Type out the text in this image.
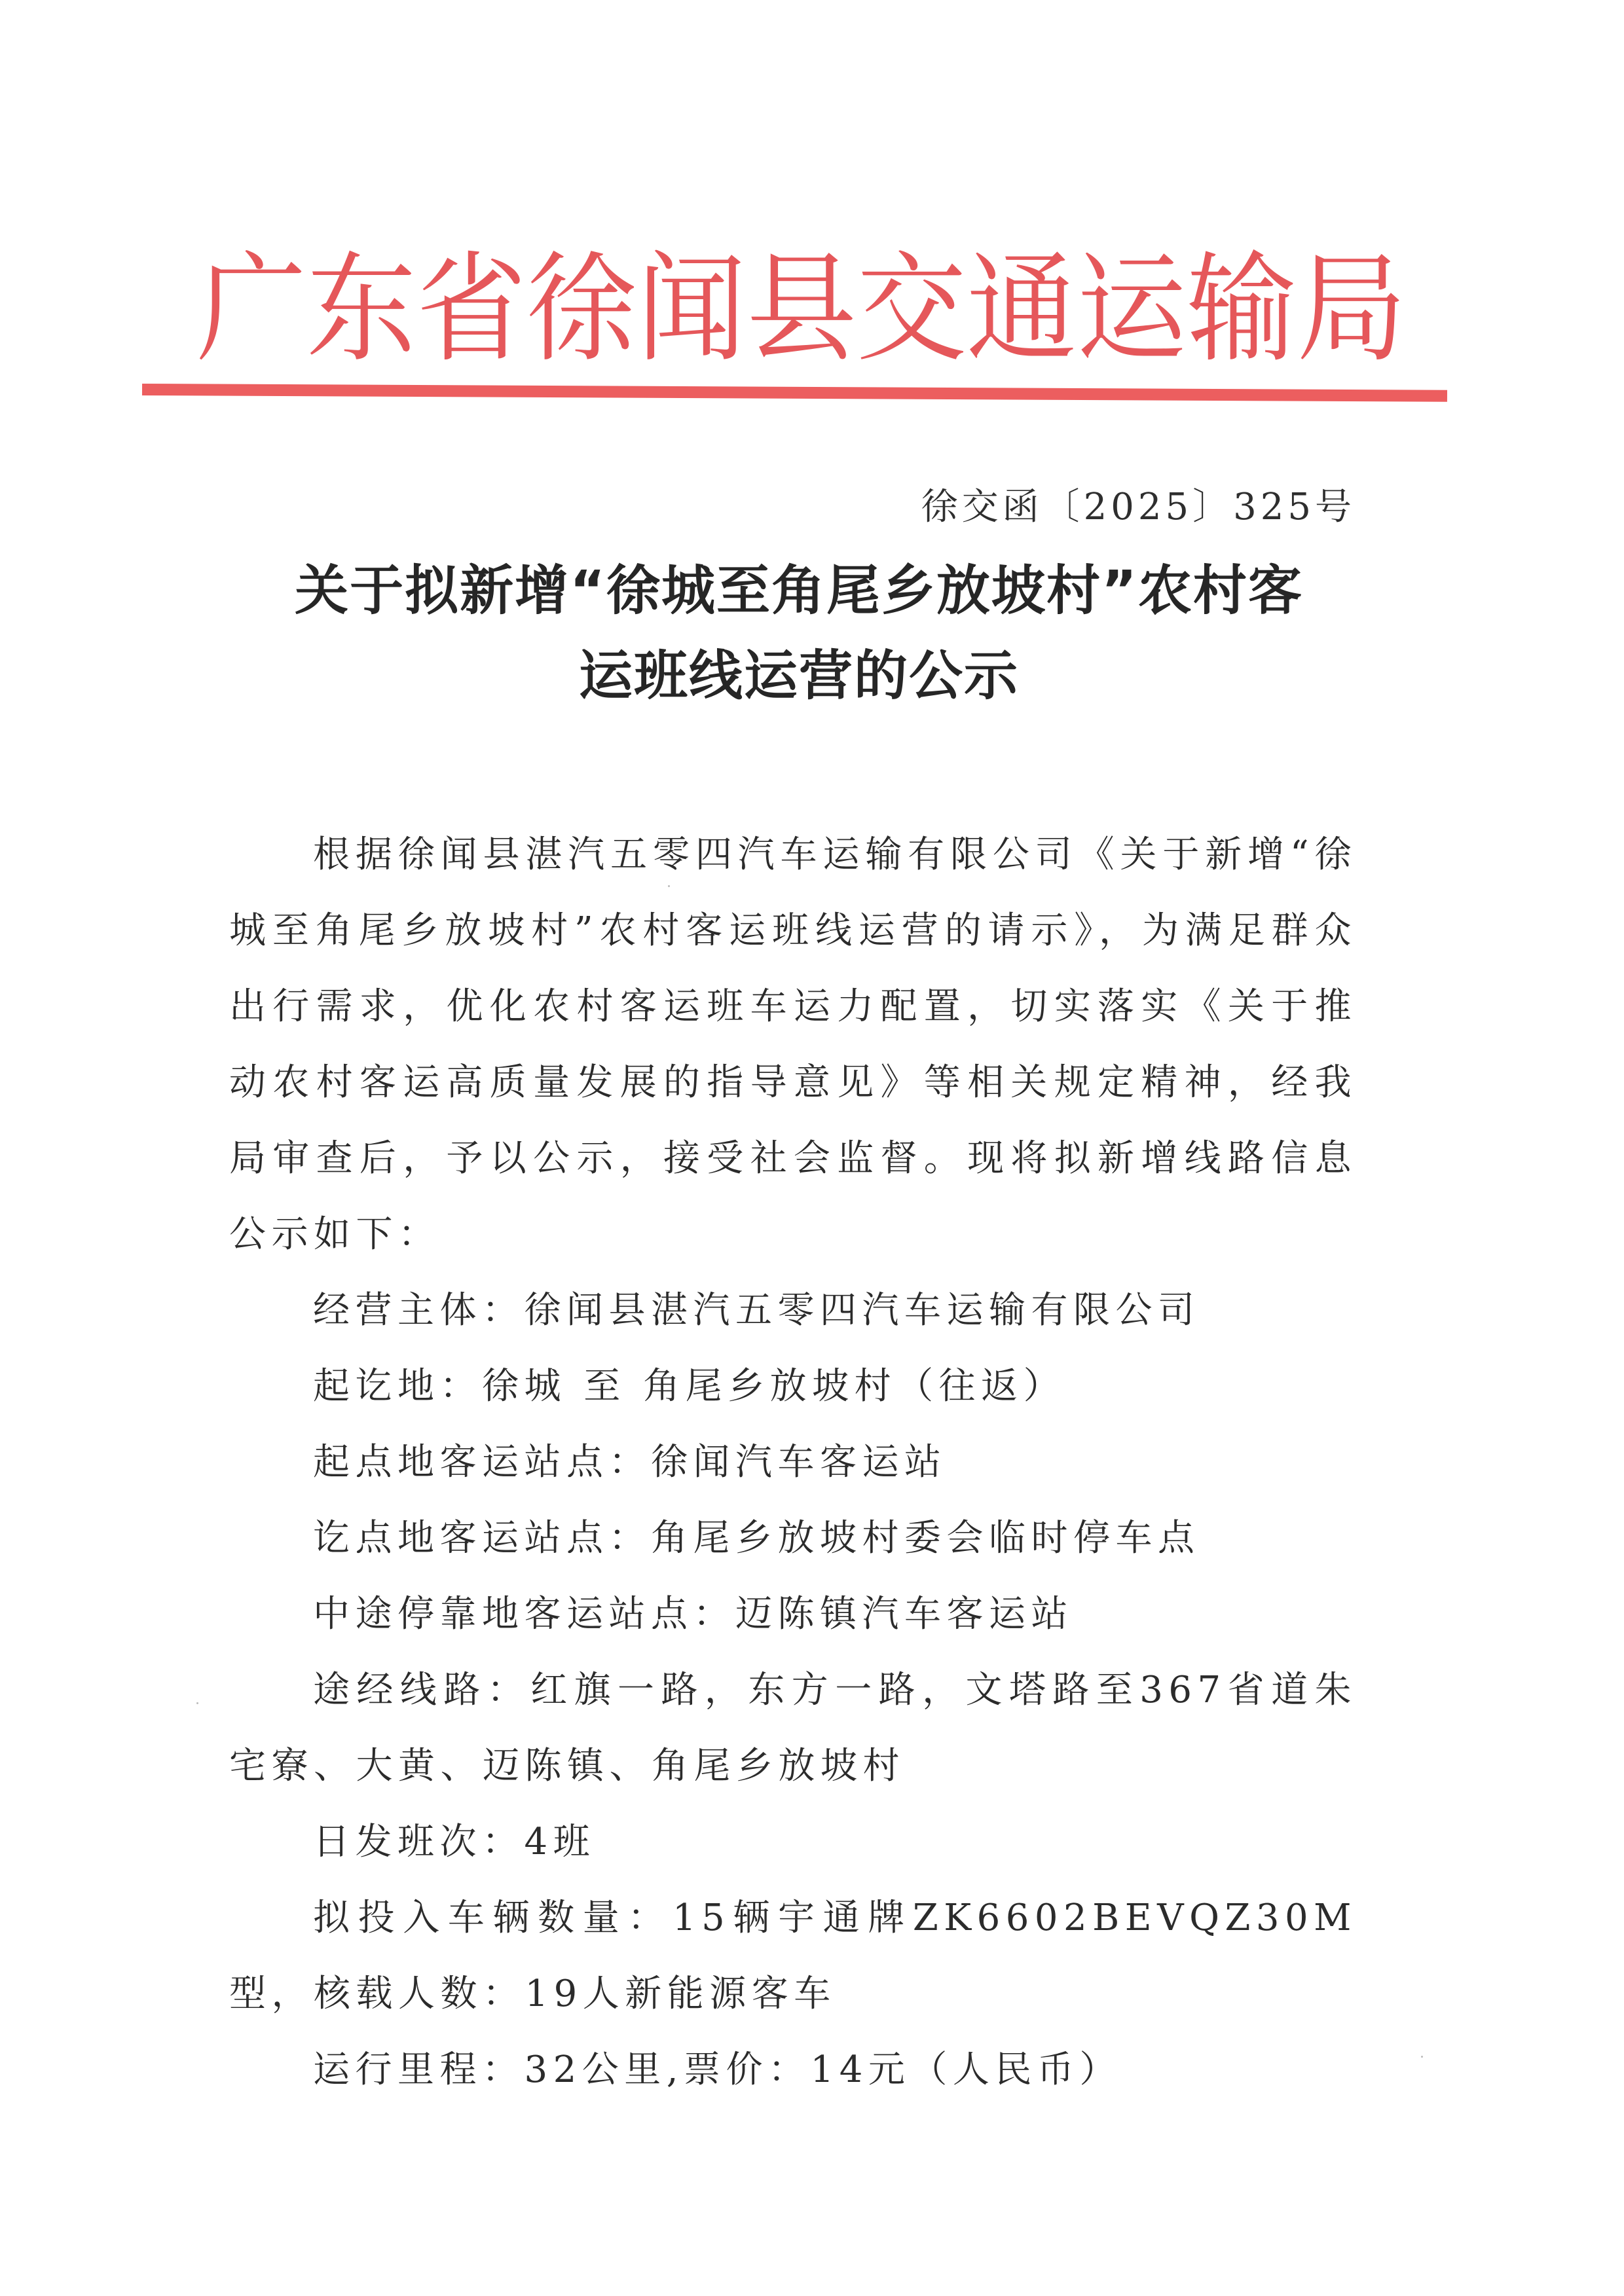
广 东 省 徐 闻 县 交 通 运 输 局
徐交函〔2025〕325号
关于拟新增“徐城至角尾乡放坡村”农村客
运班线运营的公示

根据徐闻县湛汽五零四汽车运输有限公司《关于新增“徐城至角尾乡放坡村”农村客运班线运营的请示》，为满足群众出行需求，优化农村客运班车运力配置，切实落实《关于推动农村客运高质量发展的指导意见》等相关规定精神，经我局审查后，予以公示，接受社会监督。现将拟新增线路信息公示如下：

经营主体：徐闻县湛汽五零四汽车运输有限公司

起讫地：徐城 至 角尾乡放坡村（往返）

起点地客运站点：徐闻汽车客运站

讫点地客运站点：角尾乡放坡村委会临时停车点

中途停靠地客运站点：迈陈镇汽车客运站

途经线路：红旗一路，东方一路，文塔路至367省道朱宅寮、大黄、迈陈镇、角尾乡放坡村

日发班次：4班

拟投入车辆数量：15辆宇通牌ZK6602BEVQZ30M型，核载人数：19人新能源客车

运行里程：32公里,票价：14元（人民币）
